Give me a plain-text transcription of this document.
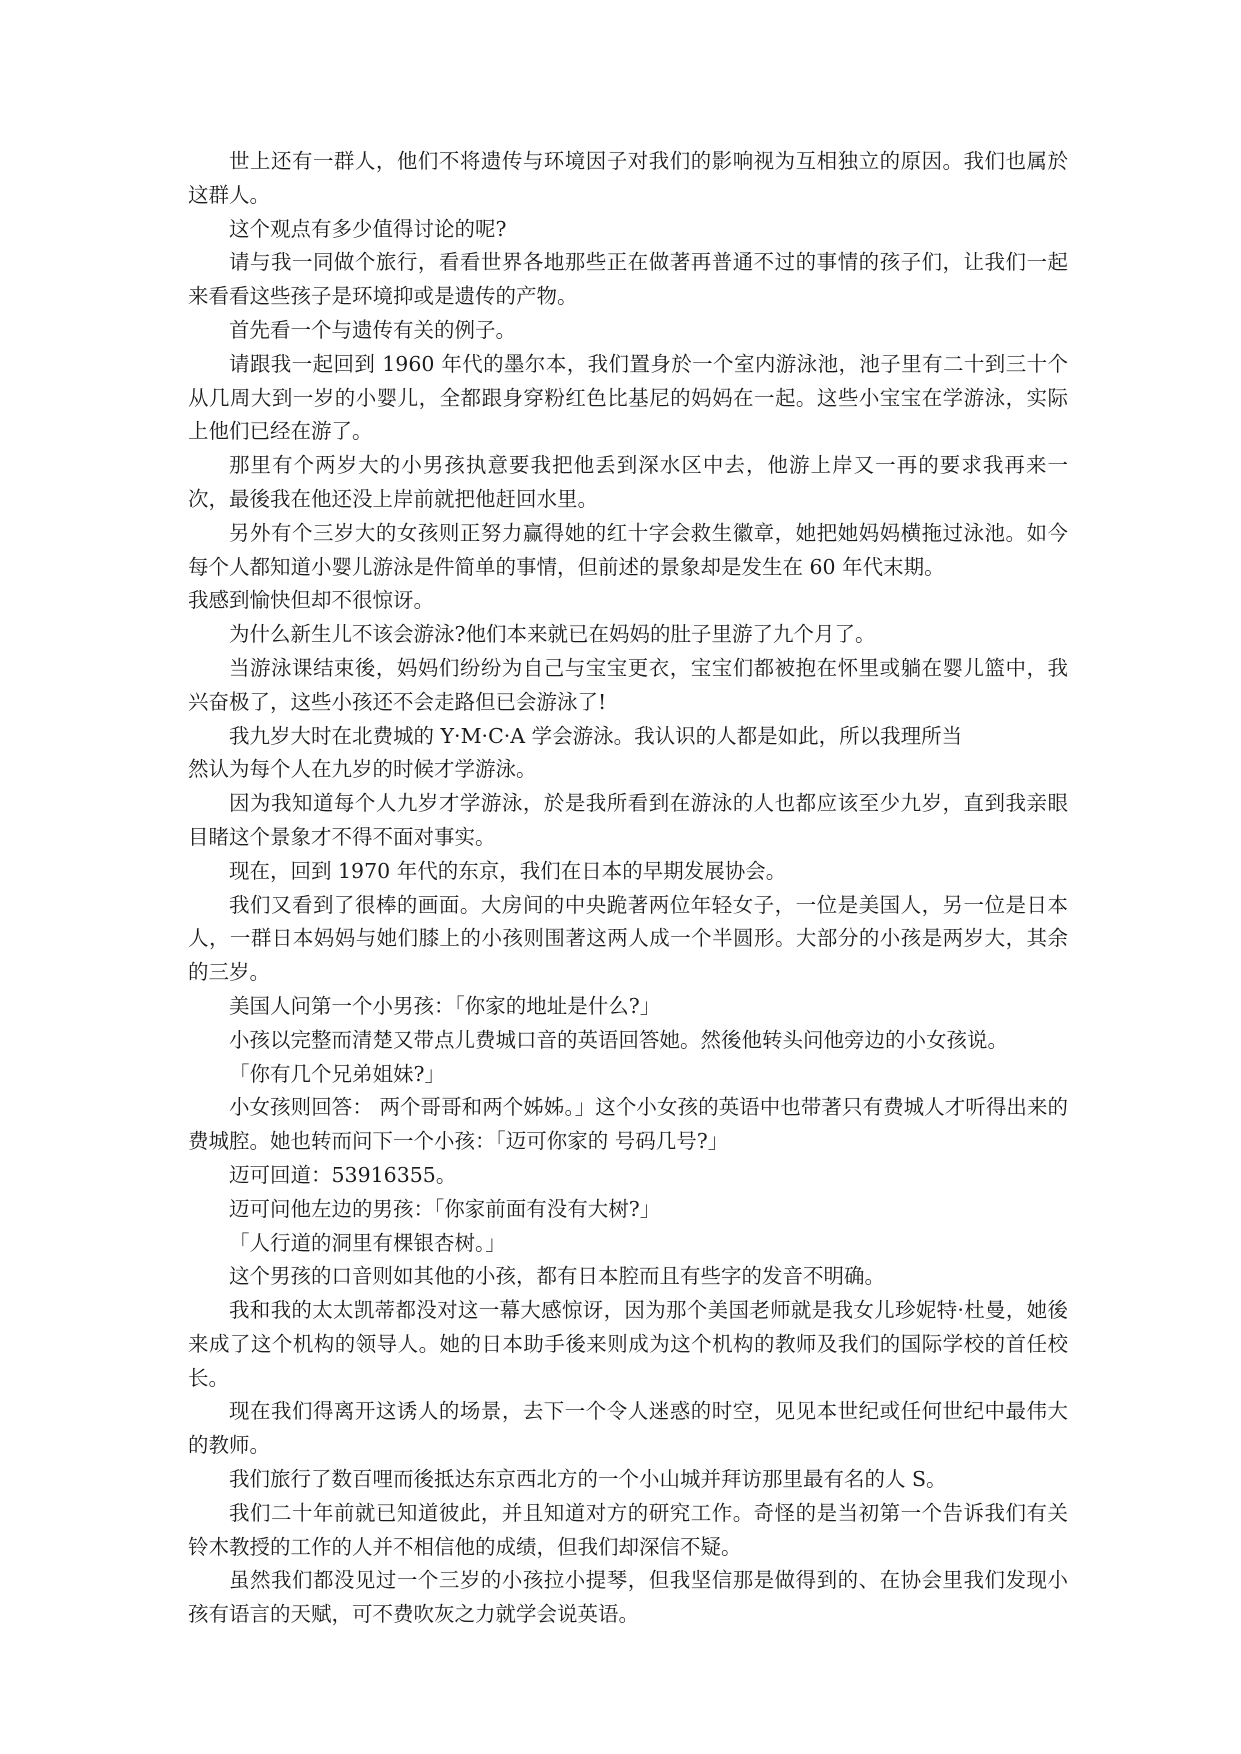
世上还有一群人，他们不将遗传与环境因子对我们的影响视为互相独立的原因。我们也属於这群人。

这个观点有多少值得讨论的呢?

请与我一同做个旅行，看看世界各地那些正在做著再普通不过的事情的孩子们，让我们一起来看看这些孩子是环境抑或是遗传的产物。

首先看一个与遗传有关的例子。

请跟我一起回到 1960 年代的墨尔本，我们置身於一个室内游泳池，池子里有二十到三十个从几周大到一岁的小婴儿，全都跟身穿粉红色比基尼的妈妈在一起。这些小宝宝在学游泳，实际上他们已经在游了。

那里有个两岁大的小男孩执意要我把他丢到深水区中去，他游上岸又一再的要求我再来一次，最後我在他还没上岸前就把他赶回水里。

另外有个三岁大的女孩则正努力赢得她的红十字会救生徽章，她把她妈妈横拖过泳池。如今每个人都知道小婴儿游泳是件简单的事情，但前述的景象却是发生在 60 年代末期。

我感到愉快但却不很惊讶。

为什么新生儿不该会游泳?他们本来就已在妈妈的肚子里游了九个月了。

当游泳课结束後，妈妈们纷纷为自己与宝宝更衣，宝宝们都被抱在怀里或躺在婴儿篮中，我兴奋极了，这些小孩还不会走路但已会游泳了!

我九岁大时在北费城的 Y·M·C·A 学会游泳。我认识的人都是如此，所以我理所当

然认为每个人在九岁的时候才学游泳。

因为我知道每个人九岁才学游泳，於是我所看到在游泳的人也都应该至少九岁，直到我亲眼目睹这个景象才不得不面对事实。

现在，回到 1970 年代的东京，我们在日本的早期发展协会。

我们又看到了很棒的画面。大房间的中央跪著两位年轻女子，一位是美国人，另一位是日本人，一群日本妈妈与她们膝上的小孩则围著这两人成一个半圆形。大部分的小孩是两岁大，其余的三岁。

美国人问第一个小男孩：「你家的地址是什么?」

小孩以完整而清楚又带点儿费城口音的英语回答她。然後他转头问他旁边的小女孩说。

「你有几个兄弟姐妹?」

小女孩则回答： 两个哥哥和两个姊姊。」这个小女孩的英语中也带著只有费城人才听得出来的费城腔。她也转而问下一个小孩：「迈可你家的 号码几号?」

迈可回道：53916355。

迈可问他左边的男孩：「你家前面有没有大树?」

「人行道的洞里有棵银杏树。」

这个男孩的口音则如其他的小孩，都有日本腔而且有些字的发音不明确。

我和我的太太凯蒂都没对这一幕大感惊讶，因为那个美国老师就是我女儿珍妮特·杜曼，她後来成了这个机构的领导人。她的日本助手後来则成为这个机构的教师及我们的国际学校的首任校长。

现在我们得离开这诱人的场景，去下一个令人迷惑的时空，见见本世纪或任何世纪中最伟大的教师。

我们旅行了数百哩而後抵达东京西北方的一个小山城并拜访那里最有名的人 S。

我们二十年前就已知道彼此，并且知道对方的研究工作。奇怪的是当初第一个告诉我们有关铃木教授的工作的人并不相信他的成绩，但我们却深信不疑。

虽然我们都没见过一个三岁的小孩拉小提琴，但我坚信那是做得到的、在协会里我们发现小孩有语言的天赋，可不费吹灰之力就学会说英语。
